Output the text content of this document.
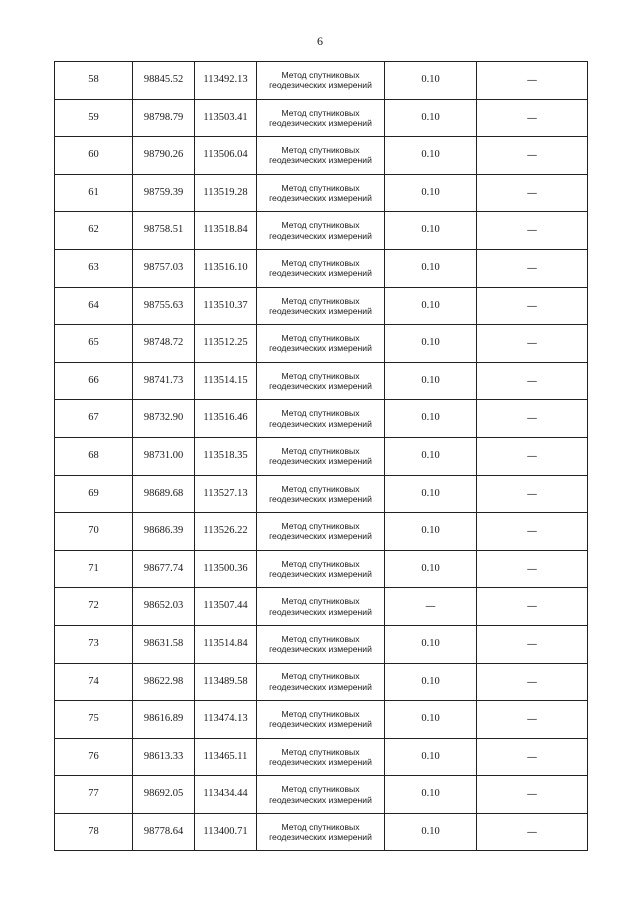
6
58	98845.52	113492.13	Метод спутниковых
геодезических измерений	0.10	—
59	98798.79	113503.41	Метод спутниковых
геодезических измерений	0.10	—
60	98790.26	113506.04	Метод спутниковых
геодезических измерений	0.10	—
61	98759.39	113519.28	Метод спутниковых
геодезических измерений	0.10	—
62	98758.51	113518.84	Метод спутниковых
геодезических измерений	0.10	—
63	98757.03	113516.10	Метод спутниковых
геодезических измерений	0.10	—
64	98755.63	113510.37	Метод спутниковых
геодезических измерений	0.10	—
65	98748.72	113512.25	Метод спутниковых
геодезических измерений	0.10	—
66	98741.73	113514.15	Метод спутниковых
геодезических измерений	0.10	—
67	98732.90	113516.46	Метод спутниковых
геодезических измерений	0.10	—
68	98731.00	113518.35	Метод спутниковых
геодезических измерений	0.10	—
69	98689.68	113527.13	Метод спутниковых
геодезических измерений	0.10	—
70	98686.39	113526.22	Метод спутниковых
геодезических измерений	0.10	—
71	98677.74	113500.36	Метод спутниковых
геодезических измерений	0.10	—
72	98652.03	113507.44	Метод спутниковых
геодезических измерений	—	—
73	98631.58	113514.84	Метод спутниковых
геодезических измерений	0.10	—
74	98622.98	113489.58	Метод спутниковых
геодезических измерений	0.10	—
75	98616.89	113474.13	Метод спутниковых
геодезических измерений	0.10	—
76	98613.33	113465.11	Метод спутниковых
геодезических измерений	0.10	—
77	98692.05	113434.44	Метод спутниковых
геодезических измерений	0.10	—
78	98778.64	113400.71	Метод спутниковых
геодезических измерений	0.10	—
